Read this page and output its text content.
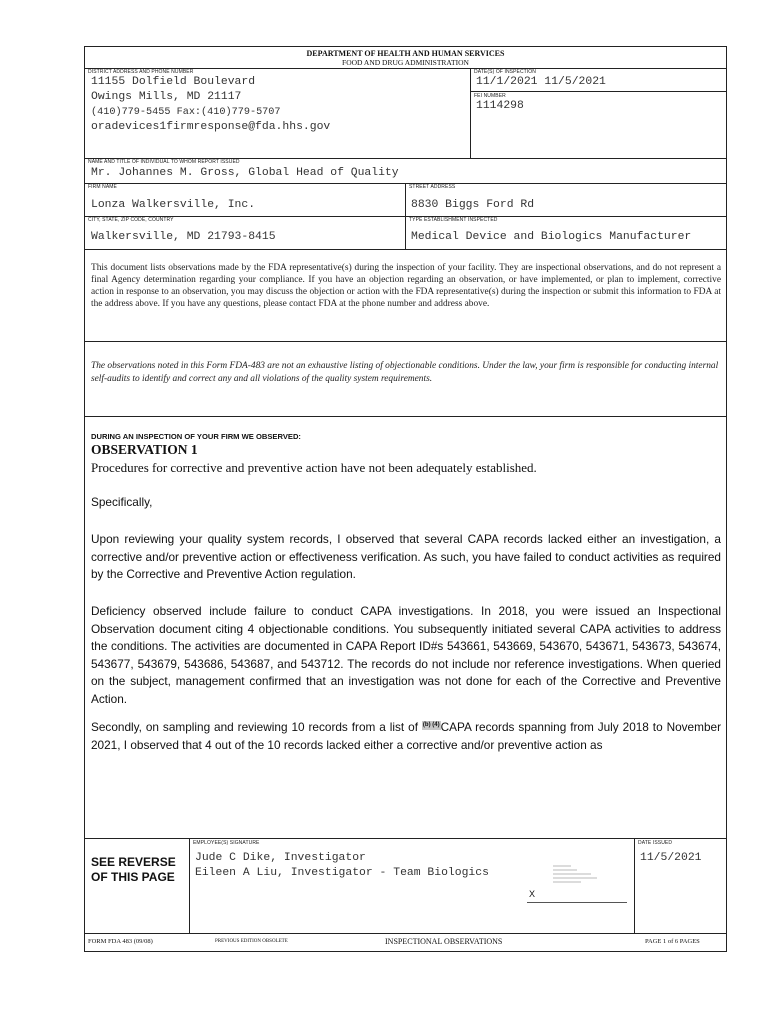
DEPARTMENT OF HEALTH AND HUMAN SERVICES
FOOD AND DRUG ADMINISTRATION
DISTRICT ADDRESS AND PHONE NUMBER
11155 Dolfield Boulevard
Owings Mills, MD 21117
(410)779-5455 Fax:(410)779-5707
oradevices1firmresponse@fda.hhs.gov
DATE(S) OF INSPECTION
11/1/2021 11/5/2021
FEI NUMBER
1114298
NAME AND TITLE OF INDIVIDUAL TO WHOM REPORT ISSUED
Mr. Johannes M. Gross, Global Head of Quality
FIRM NAME
Lonza Walkersville, Inc.
STREET ADDRESS
8830 Biggs Ford Rd
CITY, STATE, ZIP CODE, COUNTRY
Walkersville, MD 21793-8415
TYPE ESTABLISHMENT INSPECTED
Medical Device and Biologics Manufacturer
This document lists observations made by the FDA representative(s) during the inspection of your facility. They are inspectional observations, and do not represent a final Agency determination regarding your compliance. If you have an objection regarding an observation, or have implemented, or plan to implement, corrective action in response to an observation, you may discuss the objection or action with the FDA representative(s) during the inspection or submit this information to FDA at the address above. If you have any questions, please contact FDA at the phone number and address above.
The observations noted in this Form FDA-483 are not an exhaustive listing of objectionable conditions. Under the law, your firm is responsible for conducting internal self-audits to identify and correct any and all violations of the quality system requirements.
DURING AN INSPECTION OF YOUR FIRM WE OBSERVED:
OBSERVATION 1
Procedures for corrective and preventive action have not been adequately established.
Specifically,
Upon reviewing your quality system records, I observed that several CAPA records lacked either an investigation, a corrective and/or preventive action or effectiveness verification. As such, you have failed to conduct activities as required by the Corrective and Preventive Action regulation.
Deficiency observed include failure to conduct CAPA investigations. In 2018, you were issued an Inspectional Observation document citing 4 objectionable conditions. You subsequently initiated several CAPA activities to address the conditions. The activities are documented in CAPA Report ID#s 543661, 543669, 543670, 543671, 543673, 543674, 543677, 543679, 543686, 543687, and 543712. The records do not include nor reference investigations. When queried on the subject, management confirmed that an investigation was not done for each of the Corrective and Preventive Action.
Secondly, on sampling and reviewing 10 records from a list of (b) (4)CAPA records spanning from July 2018 to November 2021, I observed that 4 out of the 10 records lacked either a corrective and/or preventive action as
SEE REVERSE
OF THIS PAGE
EMPLOYEE(S) SIGNATURE
Jude C Dike, Investigator
Eileen A Liu, Investigator - Team Biologics
X
DATE ISSUED
11/5/2021
FORM FDA 483 (09/08)	PREVIOUS EDITION OBSOLETE	INSPECTIONAL OBSERVATIONS	PAGE 1 of 6 PAGES
